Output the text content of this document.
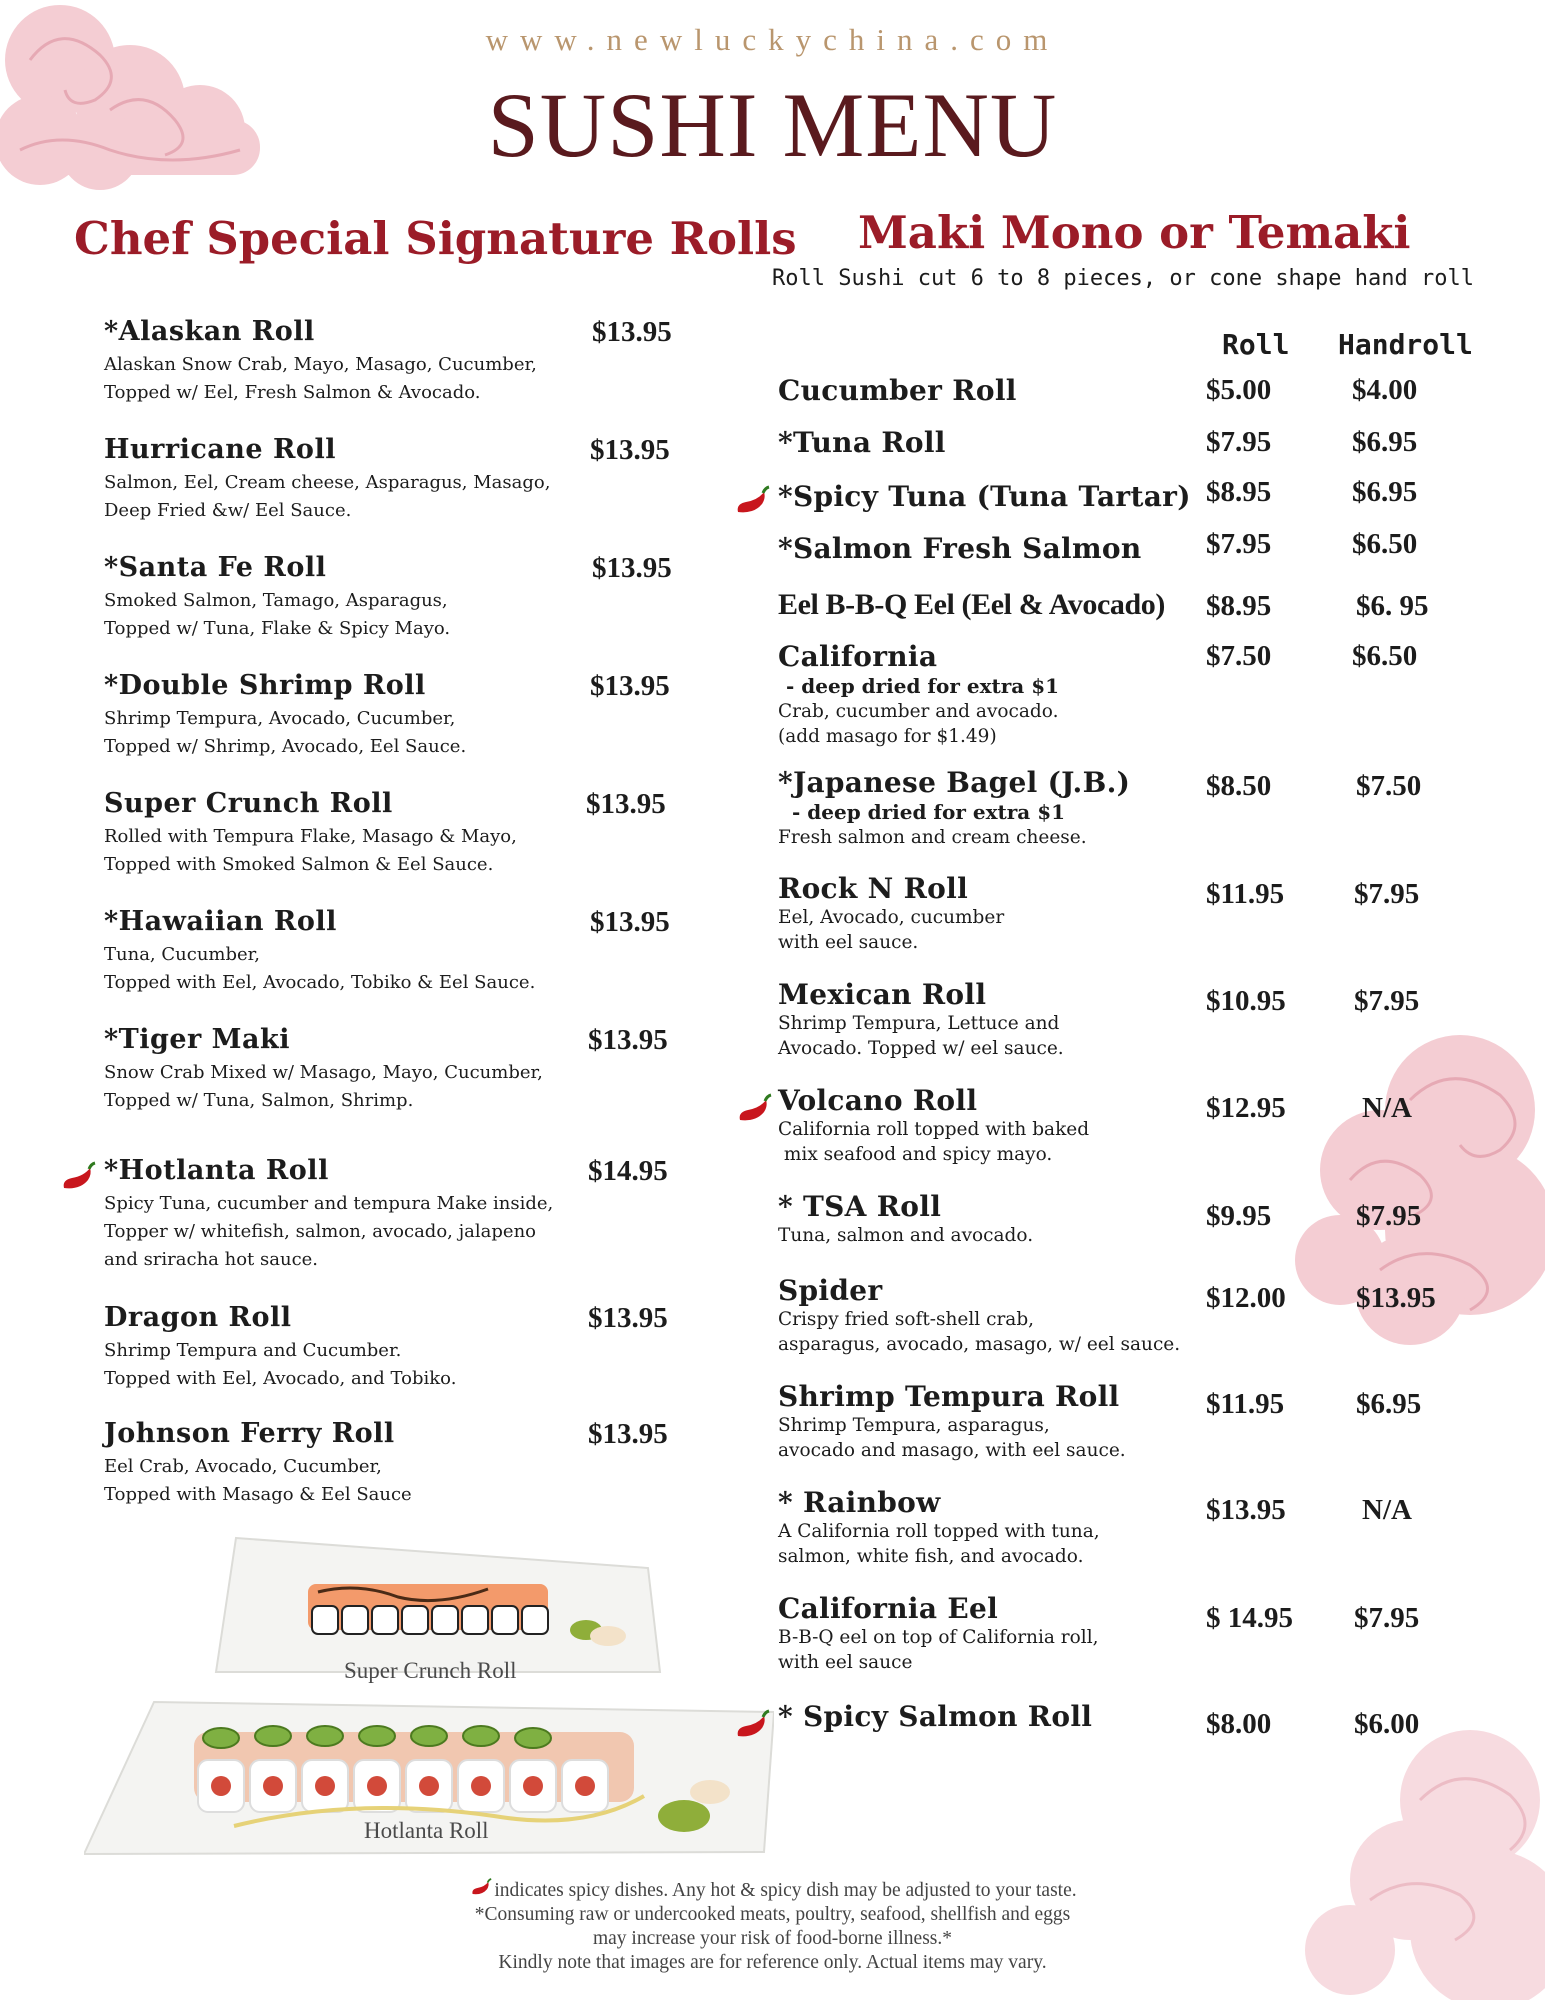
www.newluckychina.com
SUSHI MENU
Chef Special Signature Rolls
*Alaskan Roll	$13.95
Alaskan Snow Crab, Mayo, Masago, Cucumber,
Topped w/ Eel, Fresh Salmon & Avocado.
Hurricane Roll	$13.95
Salmon, Eel, Cream cheese, Asparagus, Masago,
Deep Fried &w/ Eel Sauce.
*Santa Fe Roll	$13.95
Smoked Salmon, Tamago, Asparagus,
Topped w/ Tuna, Flake & Spicy Mayo.
*Double Shrimp Roll	$13.95
Shrimp Tempura, Avocado, Cucumber,
Topped w/ Shrimp, Avocado, Eel Sauce.
Super Crunch Roll	$13.95
Rolled with Tempura Flake, Masago & Mayo,
Topped with Smoked Salmon & Eel Sauce.
*Hawaiian Roll	$13.95
Tuna, Cucumber,
Topped with Eel, Avocado, Tobiko & Eel Sauce.
*Tiger Maki	$13.95
Snow Crab Mixed w/ Masago, Mayo, Cucumber,
Topped w/ Tuna, Salmon, Shrimp.
*Hotlanta Roll	$14.95
Spicy Tuna, cucumber and tempura Make inside,
Topper w/ whitefish, salmon, avocado, jalapeno
and sriracha hot sauce.
Dragon Roll	$13.95
Shrimp Tempura and Cucumber.
Topped with Eel, Avocado, and Tobiko.
Johnson Ferry Roll	$13.95
Eel Crab, Avocado, Cucumber,
Topped with Masago & Eel Sauce
Super Crunch Roll
Hotlanta Roll
Maki Mono or Temaki
Roll Sushi cut 6 to 8 pieces, or cone shape hand roll
Roll Handroll
Cucumber Roll	$5.00	$4.00
*Tuna Roll	$7.95	$6.95
*Spicy Tuna (Tuna Tartar) $8.95	$6.95
*Salmon Fresh Salmon $7.95	$6.50
Eel B-B-Q Eel (Eel & Avocado) $8.95	$6. 95
California
- deep dried for extra $1
Crab, cucumber and avocado.
(add masago for $1.49)
$7.50	$6.50
*Japanese Bagel (J.B.)
- deep dried for extra $1
Fresh salmon and cream cheese.
$8.50	$7.50
Rock N Roll
Eel, Avocado, cucumber
with eel sauce.
$11.95 $7.95
Mexican Roll
Shrimp Tempura, Lettuce and
Avocado. Topped w/ eel sauce.
$10.95 $7.95
Volcano Roll
California roll topped with baked
mix seafood and spicy mayo.
$12.95	N/A
* TSA Roll
Tuna, salmon and avocado.
$9.95	$7.95
Spider
Crispy fried soft-shell crab,
asparagus, avocado, masago, w/ eel sauce.
$12.00 $13.95
Shrimp Tempura Roll
Shrimp Tempura, asparagus,
avocado and masago, with eel sauce.
$11.95 $6.95
* Rainbow
A California roll topped with tuna,
salmon, white fish, and avocado.
$13.95	N/A
California Eel
B-B-Q eel on top of California roll,
with eel sauce
$ 14.95 $7.95
* Spicy Salmon Roll	$8.00	$6.00
indicates spicy dishes. Any hot & spicy dish may be adjusted to your taste.
*Consuming raw or undercooked meats, poultry, seafood, shellfish and eggs
may increase your risk of food-borne illness.*
Kindly note that images are for reference only. Actual items may vary.
